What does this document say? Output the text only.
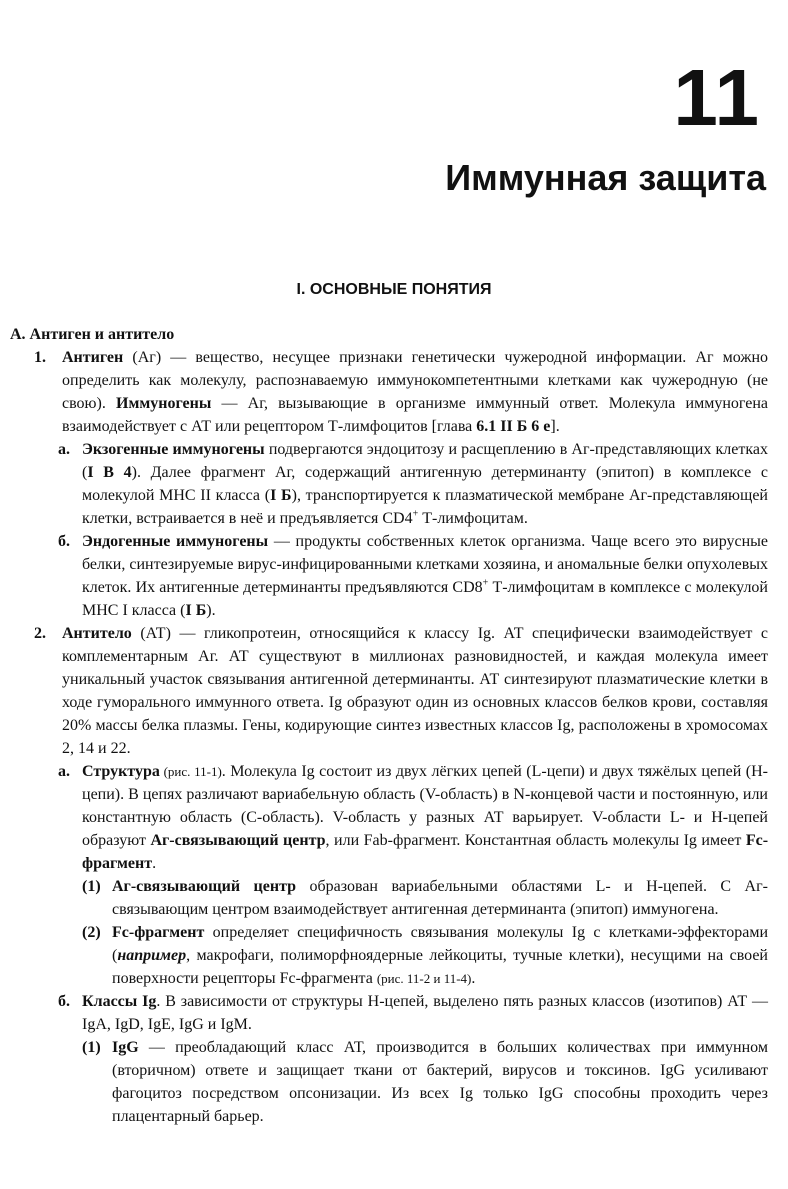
11
Иммунная защита
I. ОСНОВНЫЕ ПОНЯТИЯ
А. Антиген и антитело
1.	Антиген (Аг) — вещество, несущее признаки генетически чужеродной информации. Аг можно определить как молекулу, распознаваемую иммунокомпетентными клетками как чужеродную (не свою). Иммуногены — Аг, вызывающие в организме иммунный ответ. Молекула иммуногена взаимодействует с АТ или рецептором Т-лимфоцитов [глава 6.1 II Б 6 е].
а. Экзогенные иммуногены подвергаются эндоцитозу и расщеплению в Аг-представляющих клетках (I В 4). Далее фрагмент Аг, содержащий антигенную детерминанту (эпитоп) в комплексе с молекулой МНС II класса (I Б), транспортируется к плазматической мембране Аг-представляющей клетки, встраивается в неё и предъявляется CD4+ Т-лимфоцитам.
б. Эндогенные иммуногены — продукты собственных клеток организма. Чаще всего это вирусные белки, синтезируемые вирус-инфицированными клетками хозяина, и аномальные белки опухолевых клеток. Их антигенные детерминанты предъявляются CD8+ Т-лимфоцитам в комплексе с молекулой МНС I класса (I Б).
2.	Антитело (АТ) — гликопротеин, относящийся к классу Ig. АТ специфически взаимодействует с комплементарным Аг. АТ существуют в миллионах разновидностей, и каждая молекула имеет уникальный участок связывания антигенной детерминанты. АТ синтезируют плазматические клетки в ходе гуморального иммунного ответа. Ig образуют один из основных классов белков крови, составляя 20% массы белка плазмы. Гены, кодирующие синтез известных классов Ig, расположены в хромосомах 2, 14 и 22.
а. Структура (рис. 11-1). Молекула Ig состоит из двух лёгких цепей (L-цепи) и двух тяжёлых цепей (Н-цепи). В цепях различают вариабельную область (V-область) в N-концевой части и постоянную, или константную область (С-область). V-область у разных АТ варьирует. V-области L- и Н-цепей образуют Аг-связывающий центр, или Fab-фрагмент. Константная область молекулы Ig имеет Fc-фрагмент.
(1) Аг-связывающий центр образован вариабельными областями L- и Н-цепей. С Аг-связывающим центром взаимодействует антигенная детерминанта (эпитоп) иммуногена.
(2) Fc-фрагмент определяет специфичность связывания молекулы Ig с клетками-эффекторами (например, макрофаги, полиморфноядерные лейкоциты, тучные клетки), несущими на своей поверхности рецепторы Fc-фрагмента (рис. 11-2 и 11-4).
б. Классы Ig. В зависимости от структуры Н-цепей, выделено пять разных классов (изотипов) АТ — IgA, IgD, IgE, IgG и IgM.
(1) IgG — преобладающий класс АТ, производится в больших количествах при иммунном (вторичном) ответе и защищает ткани от бактерий, вирусов и токсинов. IgG усиливают фагоцитоз посредством опсонизации. Из всех Ig только IgG способны проходить через плацентарный барьер.
